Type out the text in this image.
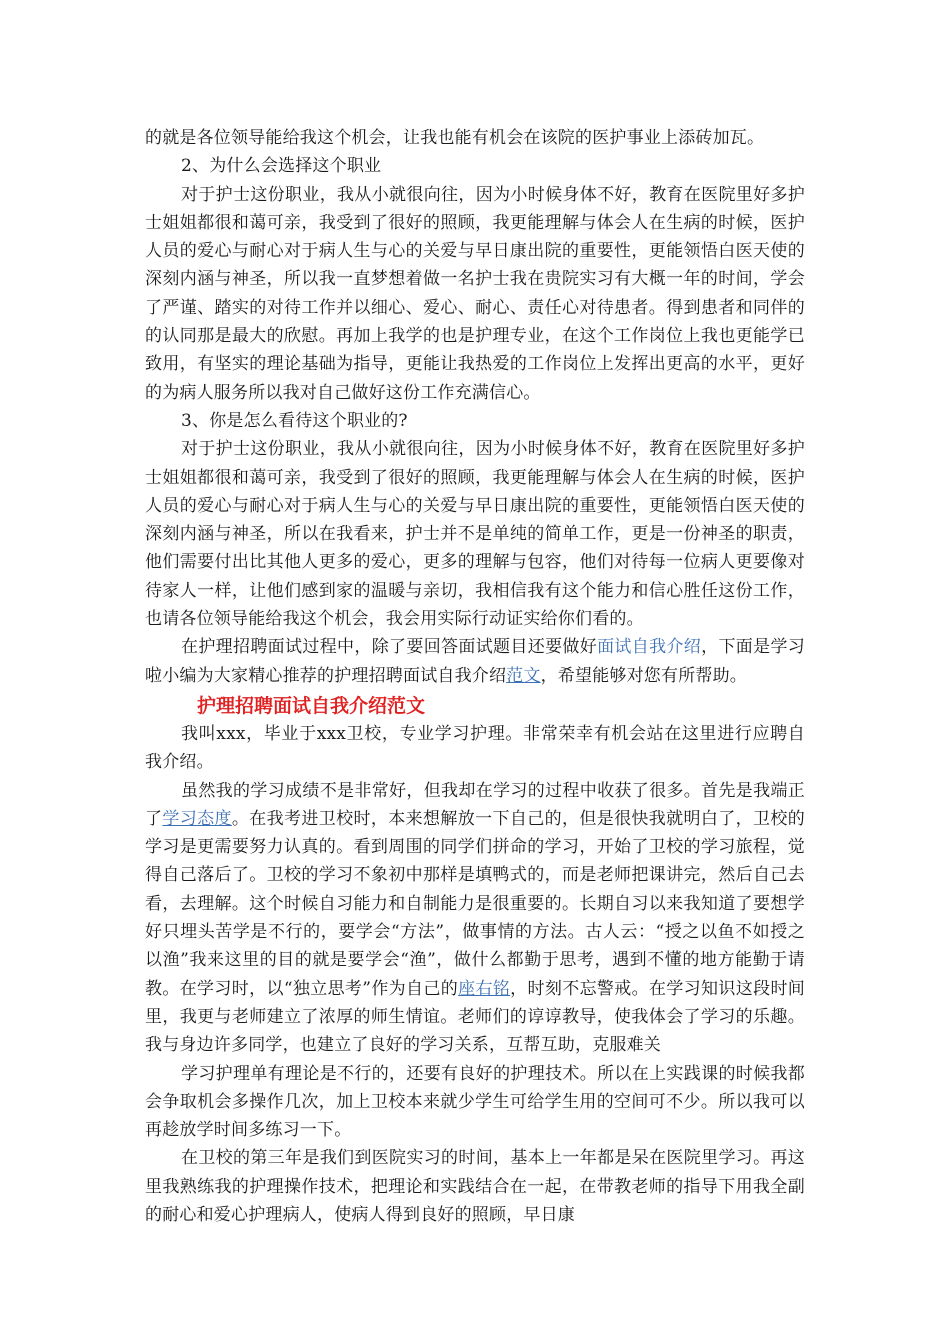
的就是各位领导能给我这个机会，让我也能有机会在该院的医护事业上添砖加瓦。

2、为什么会选择这个职业

对于护士这份职业，我从小就很向往，因为小时候身体不好，教育在医院里好多护士姐姐都很和蔼可亲，我受到了很好的照顾，我更能理解与体会人在生病的时候，医护人员的爱心与耐心对于病人生与心的关爱与早日康出院的重要性，更能领悟白医天使的深刻内涵与神圣，所以我一直梦想着做一名护士我在贵院实习有大概一年的时间，学会了严谨、踏实的对待工作并以细心、爱心、耐心、责任心对待患者。得到患者和同伴的的认同那是最大的欣慰。再加上我学的也是护理专业，在这个工作岗位上我也更能学已致用，有坚实的理论基础为指导，更能让我热爱的工作岗位上发挥出更高的水平，更好的为病人服务所以我对自己做好这份工作充满信心。

3、你是怎么看待这个职业的?

对于护士这份职业，我从小就很向往，因为小时候身体不好，教育在医院里好多护士姐姐都很和蔼可亲，我受到了很好的照顾，我更能理解与体会人在生病的时候，医护人员的爱心与耐心对于病人生与心的关爱与早日康出院的重要性，更能领悟白医天使的深刻内涵与神圣，所以在我看来，护士并不是单纯的简单工作，更是一份神圣的职责，他们需要付出比其他人更多的爱心，更多的理解与包容，他们对待每一位病人更要像对待家人一样，让他们感到家的温暖与亲切，我相信我有这个能力和信心胜任这份工作，也请各位领导能给我这个机会，我会用实际行动证实给你们看的。

在护理招聘面试过程中，除了要回答面试题目还要做好面试自我介绍，下面是学习啦小编为大家精心推荐的护理招聘面试自我介绍范文，希望能够对您有所帮助。

护理招聘面试自我介绍范文

我叫xxx，毕业于xxx卫校，专业学习护理。非常荣幸有机会站在这里进行应聘自我介绍。

虽然我的学习成绩不是非常好，但我却在学习的过程中收获了很多。首先是我端正了学习态度。在我考进卫校时，本来想解放一下自己的，但是很快我就明白了，卫校的学习是更需要努力认真的。看到周围的同学们拼命的学习，开始了卫校的学习旅程，觉得自己落后了。卫校的学习不象初中那样是填鸭式的，而是老师把课讲完，然后自己去看，去理解。这个时候自习能力和自制能力是很重要的。长期自习以来我知道了要想学好只埋头苦学是不行的，要学会“方法”，做事情的方法。古人云：“授之以鱼不如授之以渔”我来这里的目的就是要学会“渔”，做什么都勤于思考，遇到不懂的地方能勤于请教。在学习时，以“独立思考”作为自己的座右铭，时刻不忘警戒。在学习知识这段时间里，我更与老师建立了浓厚的师生情谊。老师们的谆谆教导，使我体会了学习的乐趣。我与身边许多同学，也建立了良好的学习关系，互帮互助，克服难关

学习护理单有理论是不行的，还要有良好的护理技术。所以在上实践课的时候我都会争取机会多操作几次，加上卫校本来就少学生可给学生用的空间可不少。所以我可以再趁放学时间多练习一下。

在卫校的第三年是我们到医院实习的时间，基本上一年都是呆在医院里学习。再这里我熟练我的护理操作技术，把理论和实践结合在一起，在带教老师的指导下用我全副的耐心和爱心护理病人，使病人得到良好的照顾，早日康
